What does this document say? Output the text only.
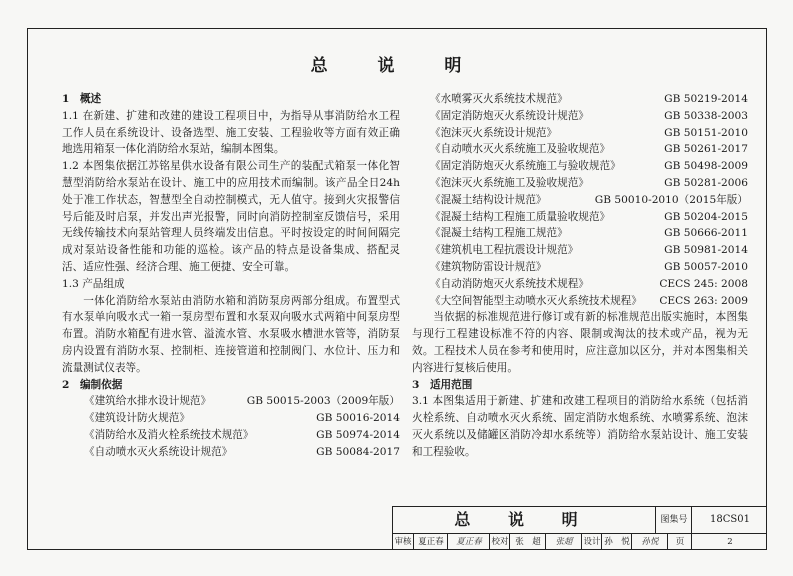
总 说 明
1　概述
1.1 在新建、扩建和改建的建设工程项目中，为指导从事消防给水工程工作人员在系统设计、设备选型、施工安装、工程验收等方面有效正确地选用箱泵一体化消防给水泵站，编制本图集。
1.2 本图集依据江苏铭星供水设备有限公司生产的装配式箱泵一体化智慧型消防给水泵站在设计、施工中的应用技术而编制。该产品全日24h处于准工作状态，智慧型全自动控制模式，无人值守。接到火灾报警信号后能及时启泵，并发出声光报警，同时向消防控制室反馈信号，采用无线传输技术向泵站管理人员终端发出信息。平时按设定的时间间隔完成对泵站设备性能和功能的巡检。该产品的特点是设备集成、搭配灵活、适应性强、经济合理、施工便捷、安全可靠。
1.3 产品组成
一体化消防给水泵站由消防水箱和消防泵房两部分组成。布置型式有水泵单向吸水式一箱一泵房型布置和水泵双向吸水式两箱中间泵房型布置。消防水箱配有进水管、溢流水管、水泵吸水槽泄水管等，消防泵房内设置有消防水泵、控制柜、连接管道和控制阀门、水位计、压力和流量测试仪表等。
2　编制依据
《建筑给水排水设计规范》	GB 50015-2003（2009年版）
《建筑设计防火规范》	GB 50016-2014
《消防给水及消火栓系统技术规范》	GB 50974-2014
《自动喷水灭火系统设计规范》	GB 50084-2017
《水喷雾灭火系统技术规范》	GB 50219-2014
《固定消防炮灭火系统设计规范》	GB 50338-2003
《泡沫灭火系统设计规范》	GB 50151-2010
《自动喷水灭火系统施工及验收规范》	GB 50261-2017
《固定消防炮灭火系统施工与验收规范》	GB 50498-2009
《泡沫灭火系统施工及验收规范》	GB 50281-2006
《混凝土结构设计规范》	GB 50010-2010（2015年版）
《混凝土结构工程施工质量验收规范》	GB 50204-2015
《混凝土结构工程施工规范》	GB 50666-2011
《建筑机电工程抗震设计规范》	GB 50981-2014
《建筑物防雷设计规范》	GB 50057-2010
《自动消防炮灭火系统技术规程》	CECS 245: 2008
《大空间智能型主动喷水灭火系统技术规程》 CECS 263: 2009
当依据的标准规范进行修订或有新的标准规范出版实施时，本图集与现行工程建设标准不符的内容、限制或淘汰的技术或产品，视为无效。工程技术人员在参考和使用时，应注意加以区分，并对本图集相关内容进行复核后使用。
3　适用范围
3.1 本图集适用于新建、扩建和改建工程项目的消防给水系统（包括消火栓系统、自动喷水灭火系统、固定消防水炮系统、水喷雾系统、泡沫灭火系统以及储罐区消防冷却水系统等）消防给水泵站设计、施工安装和工程验收。
总 说 明	图集号	18CS01
审核 夏正春	夏正春	校对 张　超	张超	设计 孙　悦	孙悦	页	2
